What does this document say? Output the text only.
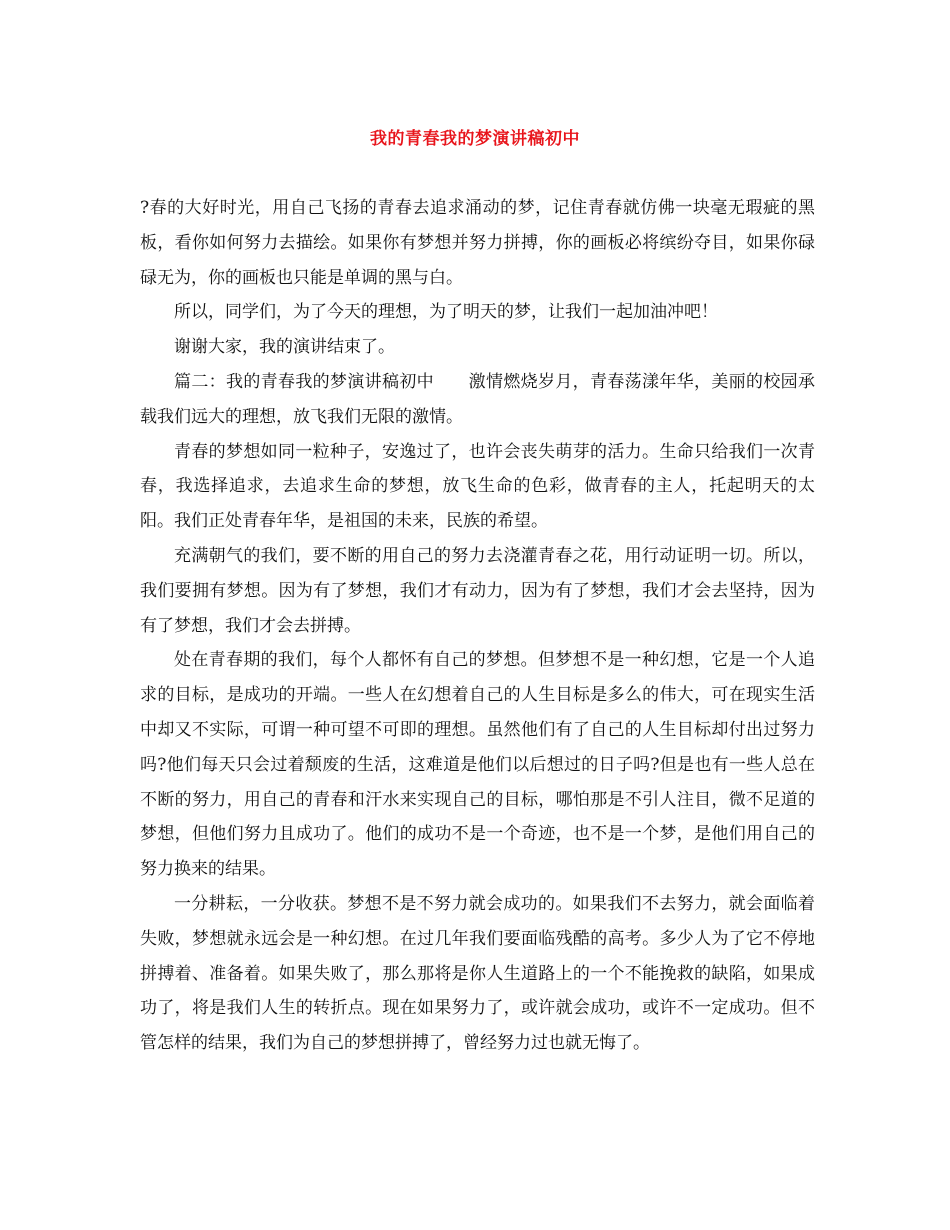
我的青春我的梦演讲稿初中

?春的大好时光，用自己飞扬的青春去追求涌动的梦，记住青春就仿佛一块毫无瑕疵的黑板，看你如何努力去描绘。如果你有梦想并努力拼搏，你的画板必将缤纷夺目，如果你碌碌无为，你的画板也只能是单调的黑与白。

所以，同学们，为了今天的理想，为了明天的梦，让我们一起加油冲吧！

谢谢大家，我的演讲结束了。

篇二：我的青春我的梦演讲稿初中　　激情燃烧岁月，青春荡漾年华，美丽的校园承载我们远大的理想，放飞我们无限的激情。

青春的梦想如同一粒种子，安逸过了，也许会丧失萌芽的活力。生命只给我们一次青春，我选择追求，去追求生命的梦想，放飞生命的色彩，做青春的主人，托起明天的太阳。我们正处青春年华，是祖国的未来，民族的希望。

充满朝气的我们，要不断的用自己的努力去浇灌青春之花，用行动证明一切。所以，我们要拥有梦想。因为有了梦想，我们才有动力，因为有了梦想，我们才会去坚持，因为有了梦想，我们才会去拼搏。

处在青春期的我们，每个人都怀有自己的梦想。但梦想不是一种幻想，它是一个人追求的目标，是成功的开端。一些人在幻想着自己的人生目标是多么的伟大，可在现实生活中却又不实际，可谓一种可望不可即的理想。虽然他们有了自己的人生目标却付出过努力吗?他们每天只会过着颓废的生活，这难道是他们以后想过的日子吗?但是也有一些人总在不断的努力，用自己的青春和汗水来实现自己的目标，哪怕那是不引人注目，微不足道的梦想，但他们努力且成功了。他们的成功不是一个奇迹，也不是一个梦，是他们用自己的努力换来的结果。

一分耕耘，一分收获。梦想不是不努力就会成功的。如果我们不去努力，就会面临着失败，梦想就永远会是一种幻想。在过几年我们要面临残酷的高考。多少人为了它不停地拼搏着、准备着。如果失败了，那么那将是你人生道路上的一个不能挽救的缺陷，如果成功了，将是我们人生的转折点。现在如果努力了，或许就会成功，或许不一定成功。但不管怎样的结果，我们为自己的梦想拼搏了，曾经努力过也就无悔了。
